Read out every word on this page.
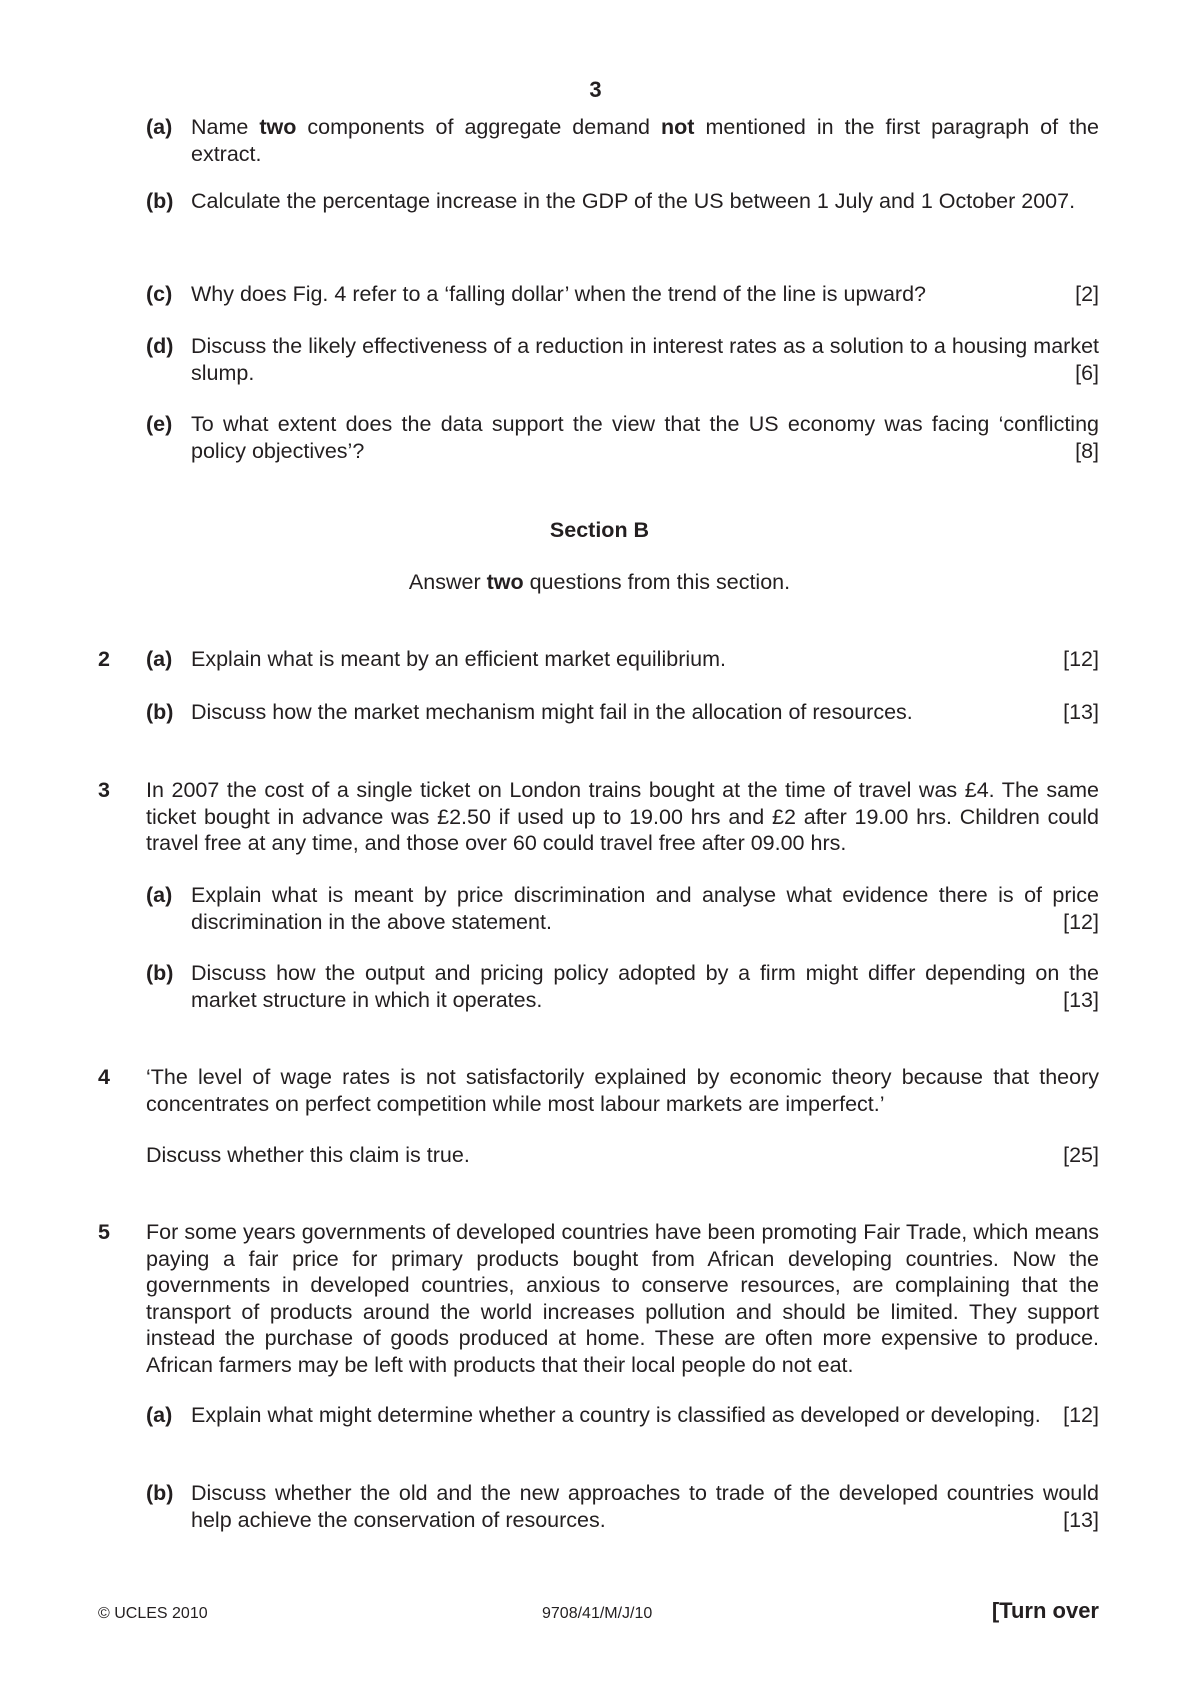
3
(a) Name two components of aggregate demand not mentioned in the first paragraph of the extract.
(b) Calculate the percentage increase in the GDP of the US between 1 July and 1 October 2007.
(c)	[2]
Why does Fig. 4 refer to a ‘falling dollar’ when the trend of the line is upward?
(d) Discuss the likely effectiveness of a reduction in interest rates as a solution to a housing market slump.	[6]
(e) To what extent does the data support the view that the US economy was facing ‘conflicting policy objectives’?	[8]
Section B
Answer two questions from this section.
2 (a)	[12]
Explain what is meant by an efficient market equilibrium.
(b)	[13]
Discuss how the market mechanism might fail in the allocation of resources.
3 In 2007 the cost of a single ticket on London trains bought at the time of travel was £4. The same ticket bought in advance was £2.50 if used up to 19.00 hrs and £2 after 19.00 hrs. Children could travel free at any time, and those over 60 could travel free after 09.00 hrs.
(a) Explain what is meant by price discrimination and analyse what evidence there is of price discrimination in the above statement.	[12]
(b) Discuss how the output and pricing policy adopted by a firm might differ depending on the market structure in which it operates.	[13]
4 ‘The level of wage rates is not satisfactorily explained by economic theory because that theory concentrates on perfect competition while most labour markets are imperfect.’
[25]
Discuss whether this claim is true.
5 For some years governments of developed countries have been promoting Fair Trade, which means paying a fair price for primary products bought from African developing countries. Now the governments in developed countries, anxious to conserve resources, are complaining that the transport of products around the world increases pollution and should be limited. They support instead the purchase of goods produced at home. These are often more expensive to produce. African farmers may be left with products that their local people do not eat.
(a) Explain what might determine whether a country is classified as developed or developing. [12]
(b) Discuss whether the old and the new approaches to trade of the developed countries would help achieve the conservation of resources.	[13]
© UCLES 2010	9708/41/M/J/10	[Turn over
